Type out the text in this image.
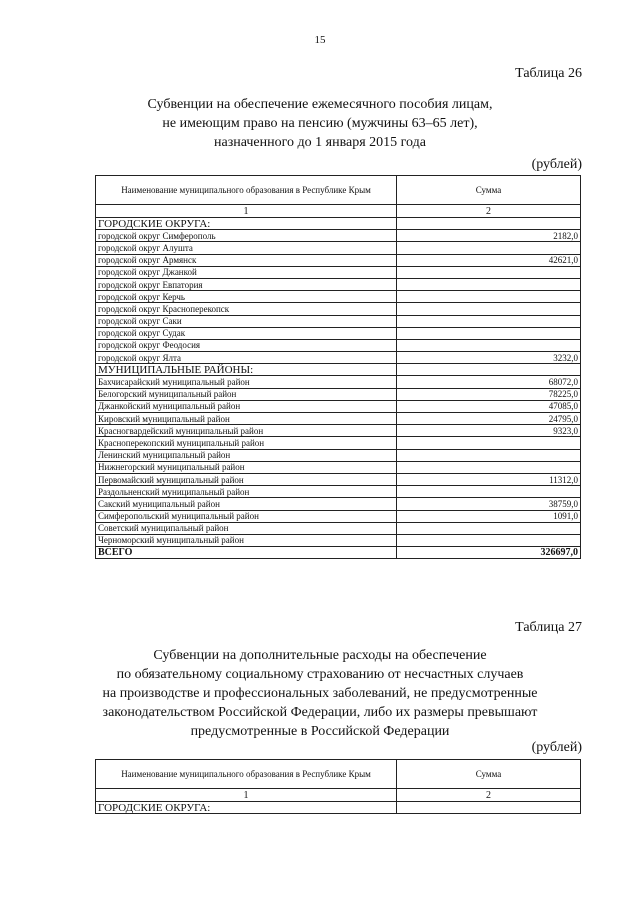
15
Таблица 26
Субвенции на обеспечение ежемесячного пособия лицам,
не имеющим право на пенсию (мужчины 63–65 лет),
назначенного до 1 января 2015 года
(рублей)
Наименование муниципального образования в Республике Крым	Сумма
1	2
ГОРОДСКИЕ ОКРУГА:	
городской округ Симферополь	2182,0
городской округ Алушта	
городской округ Армянск	42621,0
городской округ Джанкой	
городской округ Евпатория	
городской округ Керчь	
городской округ Красноперекопск	
городской округ Саки	
городской округ Судак	
городской округ Феодосия	
городской округ Ялта	3232,0
МУНИЦИПАЛЬНЫЕ РАЙОНЫ:	
Бахчисарайский муниципальный район	68072,0
Белогорский муниципальный район	78225,0
Джанкойский муниципальный район	47085,0
Кировский муниципальный район	24795,0
Красногвардейский муниципальный район	9323,0
Красноперекопский муниципальный район	
Ленинский муниципальный район	
Нижнегорский муниципальный район	
Первомайский муниципальный район	11312,0
Раздольненский муниципальный район	
Сакский муниципальный район	38759,0
Симферопольский муниципальный район	1091,0
Советский муниципальный район	
Черноморский муниципальный район	
ВСЕГО	326697,0
Таблица 27
Субвенции на дополнительные расходы на обеспечение
по обязательному социальному страхованию от несчастных случаев
на производстве и профессиональных заболеваний, не предусмотренные
законодательством Российской Федерации, либо их размеры превышают
предусмотренные в Российской Федерации
(рублей)
Наименование муниципального образования в Республике Крым	Сумма
1	2
ГОРОДСКИЕ ОКРУГА:	
